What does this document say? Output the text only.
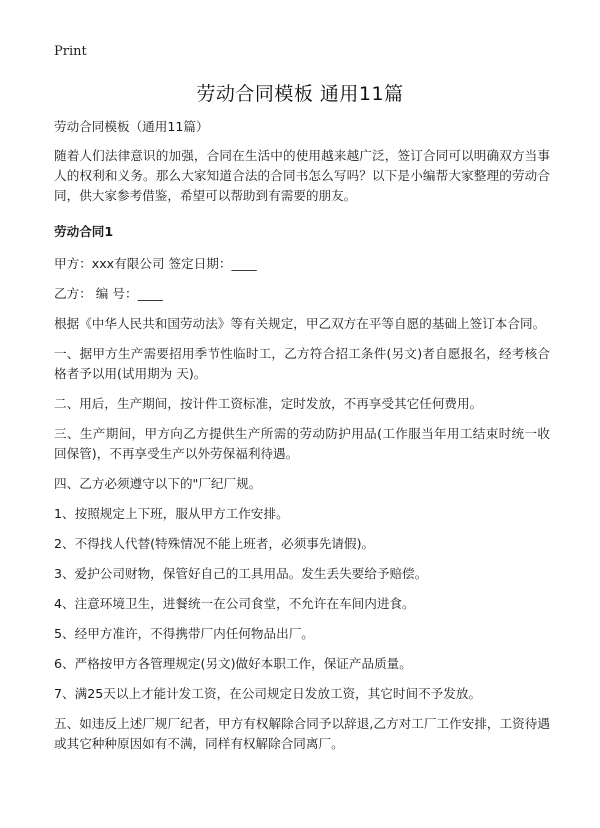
Print
劳动合同模板 通用11篇

劳动合同模板（通用11篇）

随着人们法律意识的加强，合同在生活中的使用越来越广泛，签订合同可以明确双方当事人的权利和义务。那么大家知道合法的合同书怎么写吗？以下是小编帮大家整理的劳动合同，供大家参考借鉴，希望可以帮助到有需要的朋友。

劳动合同1

甲方：xxx有限公司 签定日期：____

乙方： 编 号：____

根据《中华人民共和国劳动法》等有关规定，甲乙双方在平等自愿的基础上签订本合同。

一、据甲方生产需要招用季节性临时工，乙方符合招工条件(另文)者自愿报名，经考核合格者予以用(试用期为 天)。

二、用后，生产期间，按计件工资标准，定时发放，不再享受其它任何费用。

三、生产期间，甲方向乙方提供生产所需的劳动防护用品(工作服当年用工结束时统一收回保管)，不再享受生产以外劳保福利待遇。

四、乙方必须遵守以下的"厂纪厂规。

1、按照规定上下班，服从甲方工作安排。

2、不得找人代替(特殊情况不能上班者，必须事先请假)。

3、爱护公司财物，保管好自己的工具用品。发生丢失要给予赔偿。

4、注意环境卫生，进餐统一在公司食堂，不允许在车间内进食。

5、经甲方准许，不得携带厂内任何物品出厂。

6、严格按甲方各管理规定(另文)做好本职工作，保证产品质量。

7、满25天以上才能计发工资，在公司规定日发放工资，其它时间不予发放。

五、如违反上述厂规厂纪者，甲方有权解除合同予以辞退,乙方对工厂工作安排，工资待遇或其它种种原因如有不满，同样有权解除合同离厂。
